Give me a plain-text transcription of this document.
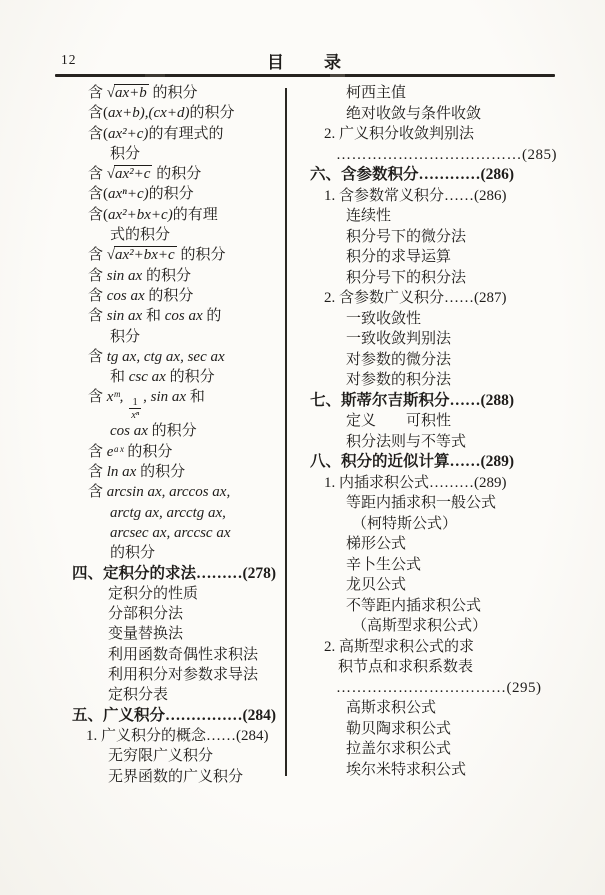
12	目　　录
含 √ax+b 的积分
含(ax+b),(cx+d)的积分
含(ax²+c)的有理式的
积分
含 √ax²+c 的积分
含(axⁿ+c)的积分
含(ax²+bx+c)的有理
式的积分
含 √ax²+bx+c 的积分
含 sin ax 的积分
含 cos ax 的积分
含 sin ax 和 cos ax 的
积分
含 tg ax, ctg ax, sec ax
和 csc ax 的积分
含 xᵐ, $\frac{1}{\text{xⁿ}}$ , sin ax 和
cos ax 的积分
含 eᵃˣ 的积分
含 ln ax 的积分
含 arcsin ax, arccos ax,
arctg ax, arcctg ax,
arcsec ax, arccsc ax
的积分
四、定积分的求法………(278)
定积分的性质
分部积分法
变量替换法
利用函数奇偶性求积法
利用积分对参数求导法
定积分表
五、广义积分……………(284)
1. 广义积分的概念……(284)
无穷限广义积分
无界函数的广义积分
柯西主值
绝对收敛与条件收敛
2. 广义积分收敛判别法
………………………………(285)
六、含参数积分…………(286)
1. 含参数常义积分……(286)
连续性
积分号下的微分法
积分的求导运算
积分号下的积分法
2. 含参数广义积分……(287)
一致收敛性
一致收敛判别法
对参数的微分法
对参数的积分法
七、斯蒂尔吉斯积分……(288)
定义　　可积性
积分法则与不等式
八、积分的近似计算……(289)
1. 内插求积公式………(289)
等距内插求积一般公式
（柯特斯公式）
梯形公式
辛卜生公式
龙贝公式
不等距内插求积公式
（高斯型求积公式）
2. 高斯型求积公式的求
积节点和求积系数表
……………………………(295)
高斯求积公式
勒贝陶求积公式
拉盖尔求积公式
埃尔米特求积公式
